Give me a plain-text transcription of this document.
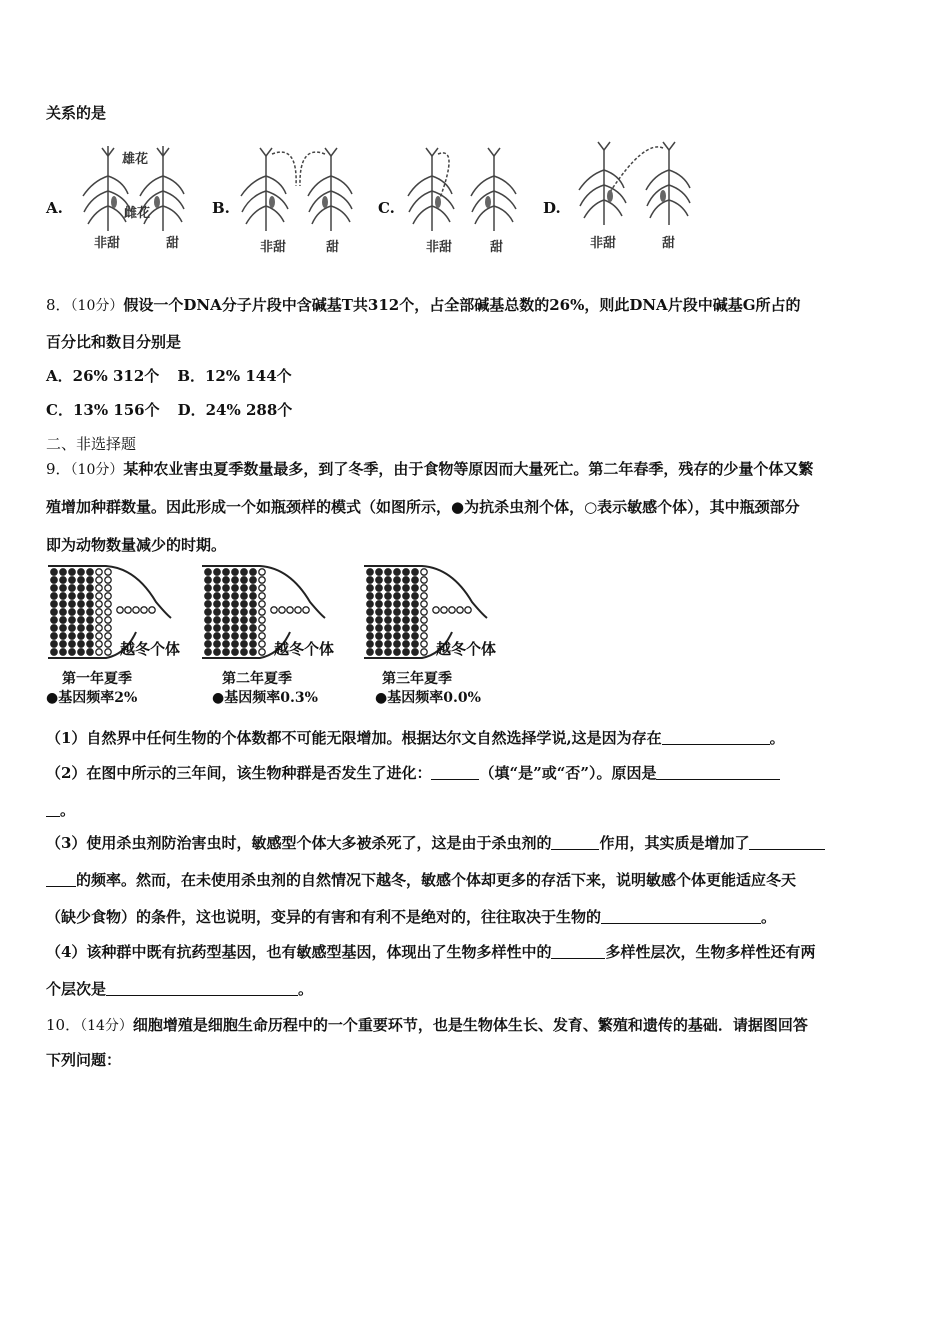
关系的是
A.
雄花
雌花
非甜	甜
B.
非甜	甜
C.
非甜	甜
D.
非甜	甜
8．（10分）假设一个DNA分子片段中含碱基T共312个，占全部碱基总数的26%，则此DNA片段中碱基G所占的
百分比和数目分别是
A．26% 312个 B．12% 144个
C．13% 156个 D．24% 288个
二、非选择题
9．（10分）某种农业害虫夏季数量最多，到了冬季，由于食物等原因而大量死亡。第二年春季，残存的少量个体又繁
殖增加种群数量。因此形成一个如瓶颈样的模式（如图所示，●为抗杀虫剂个体，○表示敏感个体），其中瓶颈部分
即为动物数量减少的时期。
越冬个体	越冬个体	越冬个体
第一年夏季	第二年夏季	第三年夏季
●基因频率2%	●基因频率0.3%	●基因频率0.0%
（1）自然界中任何生物的个体数都不可能无限增加。根据达尔文自然选择学说,这是因为存在	。
（2）在图中所示的三年间，该生物种群是否发生了进化：	（填“是”或“否”）。原因是
。
（3）使用杀虫剂防治害虫时，敏感型个体大多被杀死了，这是由于杀虫剂的	作用，其实质是增加了
的频率。然而，在未使用杀虫剂的自然情况下越冬，敏感个体却更多的存活下来，说明敏感个体更能适应冬天
（缺少食物）的条件，这也说明，变异的有害和有利不是绝对的，往往取决于生物的	。
（4）该种群中既有抗药型基因，也有敏感型基因，体现出了生物多样性中的	多样性层次，生物多样性还有两
个层次是	。
10．（14分）细胞增殖是细胞生命历程中的一个重要环节，也是生物体生长、发育、繁殖和遗传的基础．请据图回答
下列问题：
